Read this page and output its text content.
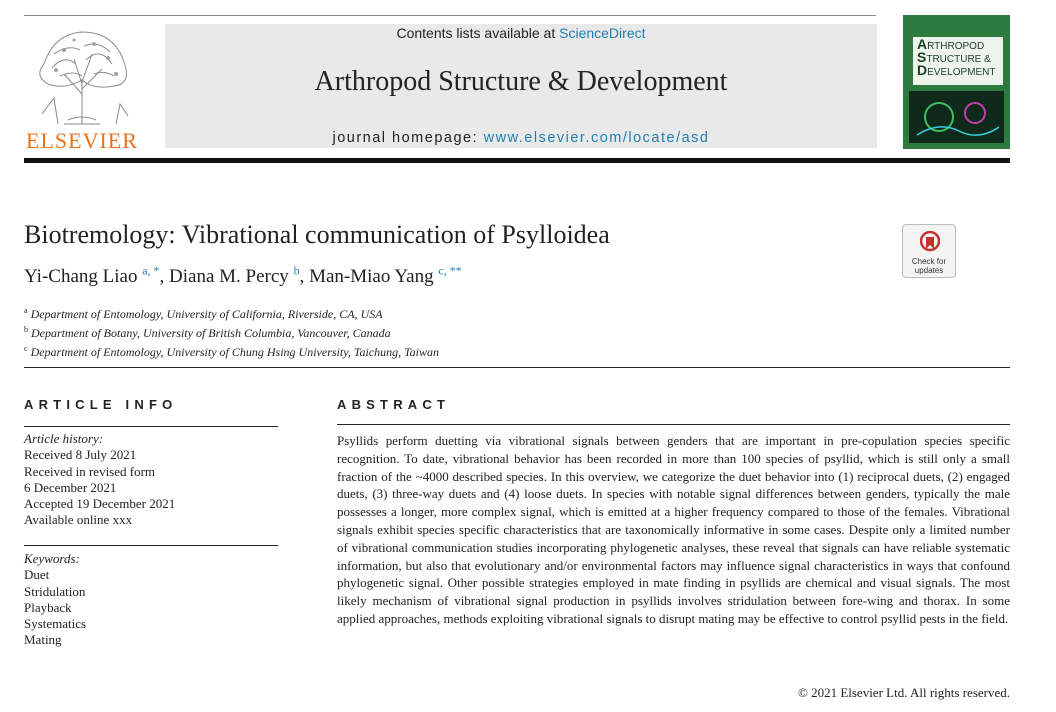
ELSEVIER
Contents lists available at ScienceDirect
Arthropod Structure & Development
journal homepage: www.elsevier.com/locate/asd
ARTHROPOD
STRUCTURE &
DEVELOPMENT
Biotremology: Vibrational communication of Psylloidea
Yi-Chang Liao $^{a, *}$, Diana M. Percy $^b$, Man-Miao Yang $^{c, **}$
$^a$ Department of Entomology, University of California, Riverside, CA, USA
$^b$ Department of Botany, University of British Columbia, Vancouver, Canada
$^c$ Department of Entomology, University of Chung Hsing University, Taichung, Taiwan
Check for
updates
ARTICLE INFO
Article history:
Received 8 July 2021
Received in revised form
6 December 2021
Accepted 19 December 2021
Available online xxx
Keywords:
Duet
Stridulation
Playback
Systematics
Mating
ABSTRACT
Psyllids perform duetting via vibrational signals between genders that are important in pre-copulation species specific recognition. To date, vibrational behavior has been recorded in more than 100 species of psyllid, which is still only a small fraction of the ~4000 described species. In this overview, we categorize the duet behavior into (1) reciprocal duets, (2) engaged duets, (3) three-way duets and (4) loose duets. In species with notable signal differences between genders, typically the male possesses a longer, more complex signal, which is emitted at a higher frequency compared to those of the females. Vibrational signals exhibit species specific characteristics that are taxonomically informative in some cases. Despite only a limited number of vibrational communication studies incorporating phylogenetic analyses, these reveal that signals can have reliable systematic information, but also that evolutionary and/or environmental factors may influence signal characteristics in ways that confound phylogenetic signal. Other possible strategies employed in mate finding in psyllids are chemical and visual signals. The most likely mechanism of vibrational signal production in psyllids involves stridulation between fore-wing and thorax. In some applied approaches, methods exploiting vibrational signals to disrupt mating may be effective to control psyllid pests in the field.
© 2021 Elsevier Ltd. All rights reserved.
